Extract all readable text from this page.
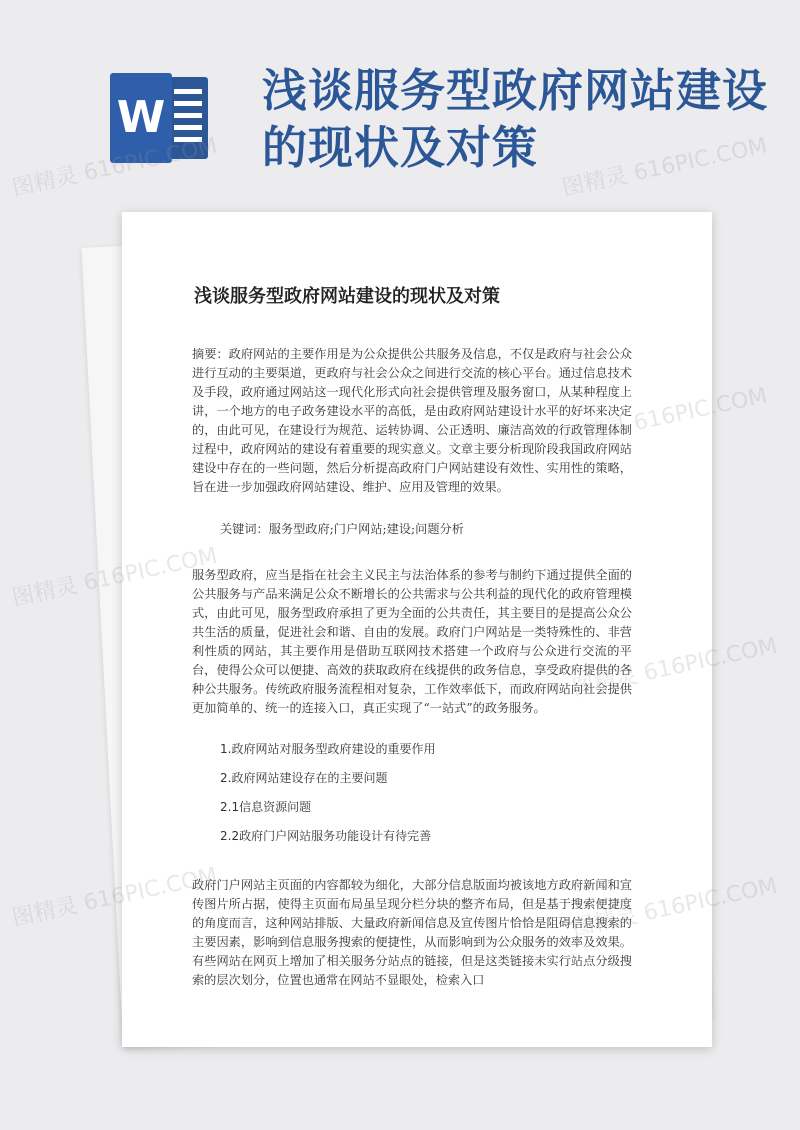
W
浅谈服务型政府网站建设的现状及对策
浅谈服务型政府网站建设的现状及对策

摘要：政府网站的主要作用是为公众提供公共服务及信息，不仅是政府与社会公众进行互动的主要渠道，更政府与社会公众之间进行交流的核心平台。通过信息技术及手段，政府通过网站这一现代化形式向社会提供管理及服务窗口，从某种程度上讲，一个地方的电子政务建设水平的高低，是由政府网站建设计水平的好坏来决定的，由此可见，在建设行为规范、运转协调、公正透明、廉洁高效的行政管理体制过程中，政府网站的建设有着重要的现实意义。文章主要分析现阶段我国政府网站建设中存在的一些问题，然后分析提高政府门户网站建设有效性、实用性的策略，旨在进一步加强政府网站建设、维护、应用及管理的效果。

关键词：服务型政府;门户网站;建设;问题分析

服务型政府，应当是指在社会主义民主与法治体系的参考与制约下通过提供全面的公共服务与产品来满足公众不断增长的公共需求与公共利益的现代化的政府管理模式，由此可见，服务型政府承担了更为全面的公共责任，其主要目的是提高公众公共生活的质量，促进社会和谐、自由的发展。政府门户网站是一类特殊性的、非营利性质的网站，其主要作用是借助互联网技术搭建一个政府与公众进行交流的平台，使得公众可以便捷、高效的获取政府在线提供的政务信息，享受政府提供的各种公共服务。传统政府服务流程相对复杂，工作效率低下，而政府网站向社会提供更加简单的、统一的连接入口，真正实现了“一站式”的政务服务。

1.政府网站对服务型政府建设的重要作用
2.政府网站建设存在的主要问题
2.1信息资源问题
2.2政府门户网站服务功能设计有待完善

政府门户网站主页面的内容都较为细化，大部分信息版面均被该地方政府新闻和宣传图片所占据，使得主页面布局虽呈现分栏分块的整齐布局，但是基于搜索便捷度的角度而言，这种网站排版、大量政府新闻信息及宣传图片恰恰是阻碍信息搜索的主要因素，影响到信息服务搜索的便捷性，从而影响到为公众服务的效率及效果。有些网站在网页上增加了相关服务分站点的链接，但是这类链接未实行站点分级搜索的层次划分，位置也通常在网站不显眼处，检索入口

图精灵 616PIC.COM	图精灵 616PIC.COM
图精灵 616PIC.COM
图精灵 616PIC.COM
图精灵 616PIC.COM
图精灵 616PIC.COM	图精灵 616PIC.COM
